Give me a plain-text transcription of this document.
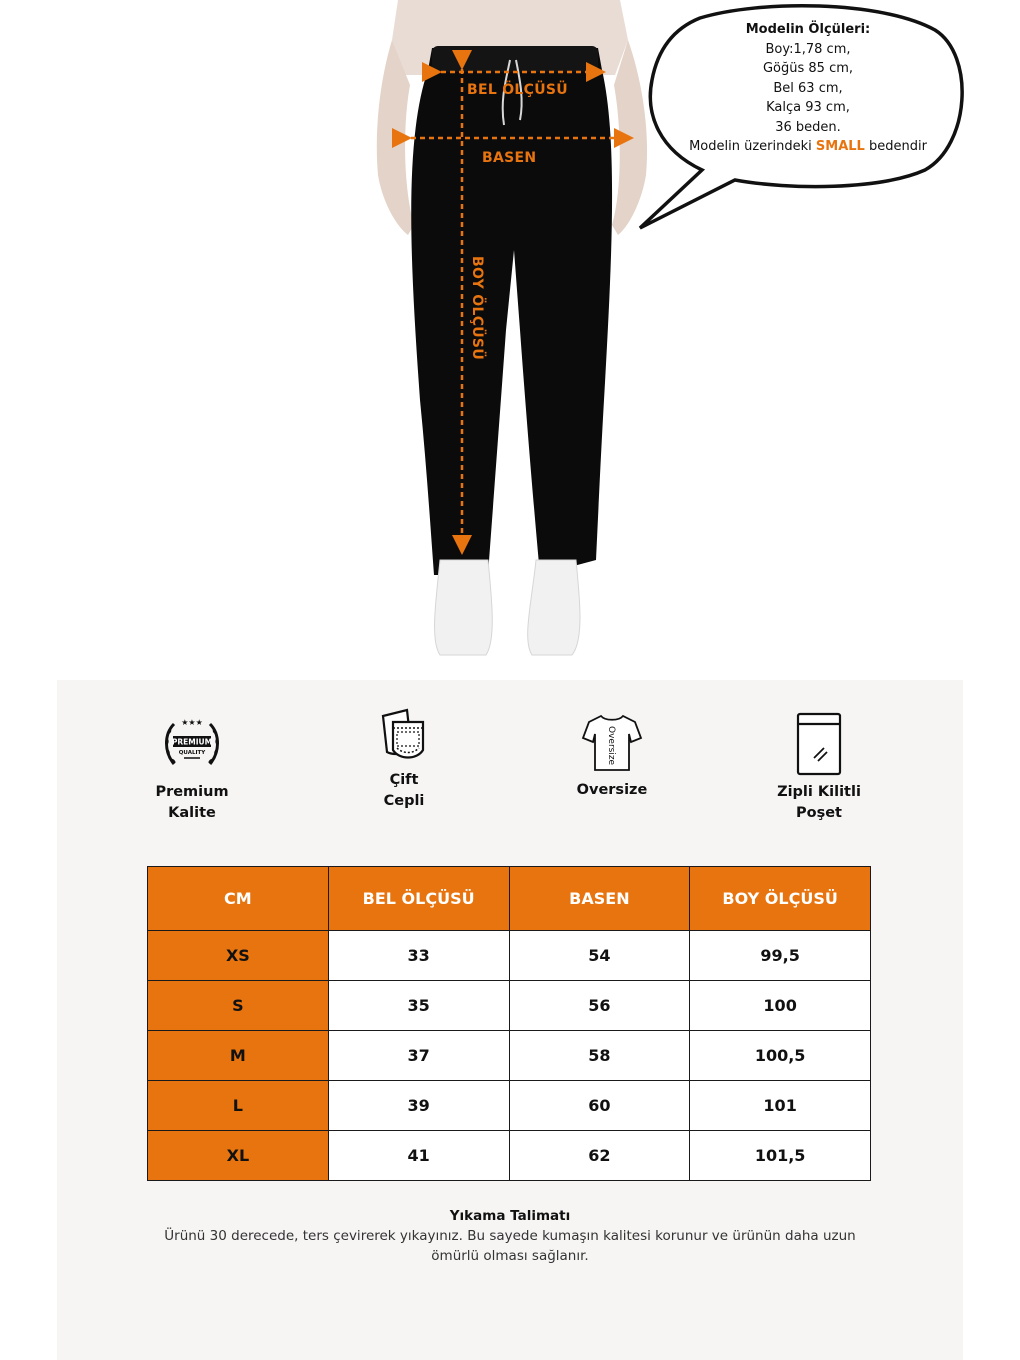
BEL ÖLÇÜSÜ
BASEN
BOY ÖLÇÜSÜ
Modelin Ölçüleri:
Boy:1,78 cm,
Göğüs 85 cm,
Bel 63 cm,
Kalça 93 cm,
36 beden.
Modelin üzerindeki SMALL bedendir
★★★
PREMIUM
QUALITY
Premium
Kalite
Çift
Cepli
Oversize
Oversize	Zipli Kilitli
Poşet
CM	BEL ÖLÇÜSÜ	BASEN	BOY ÖLÇÜSÜ
XS	33	54	99,5
S	35	56	100
M	37	58	100,5
L	39	60	101
XL	41	62	101,5
Yıkama Talimatı
Ürünü 30 derecede, ters çevirerek yıkayınız. Bu sayede kumaşın kalitesi korunur ve ürünün daha uzun ömürlü olması sağlanır.
